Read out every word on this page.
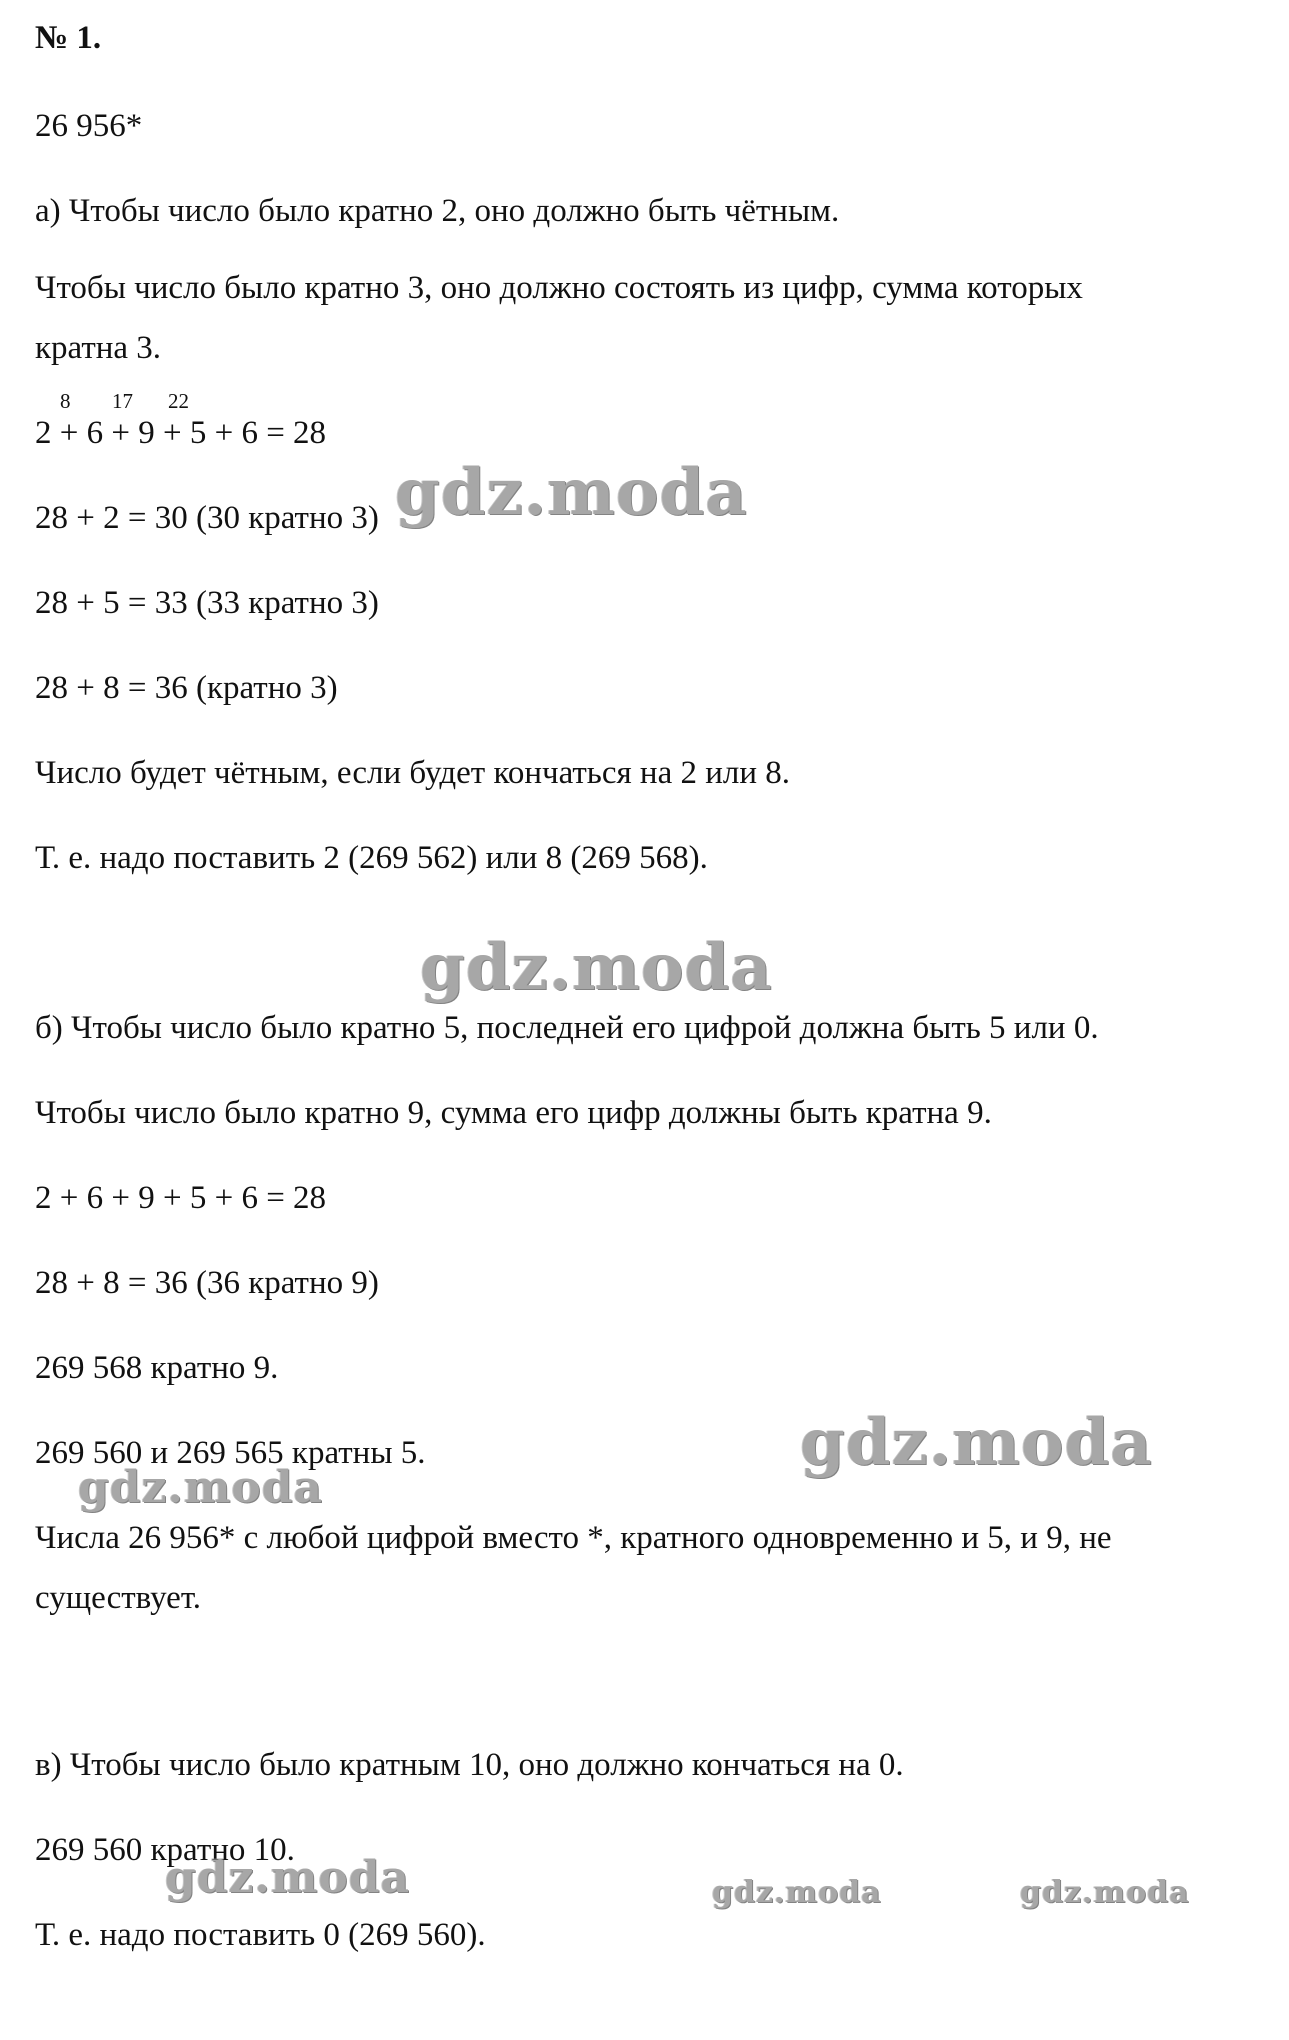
№ 1.
26 956*
а) Чтобы число было кратно 2, оно должно быть чётным.
Чтобы число было кратно 3, оно должно состоять из цифр, сумма которых
кратна 3.
8 17 22
2 + 6 + 9 + 5 + 6 = 28
28 + 2 = 30 (30 кратно 3)
28 + 5 = 33 (33 кратно 3)
28 + 8 = 36 (кратно 3)
Число будет чётным, если будет кончаться на 2 или 8.
Т. е. надо поставить 2 (269 562) или 8 (269 568).
б) Чтобы число было кратно 5, последней его цифрой должна быть 5 или 0.
Чтобы число было кратно 9, сумма его цифр должны быть кратна 9.
2 + 6 + 9 + 5 + 6 = 28
28 + 8 = 36 (36 кратно 9)
269 568 кратно 9.
269 560 и 269 565 кратны 5.
Числа 26 956* с любой цифрой вместо *, кратного одновременно и 5, и 9, не
существует.
в) Чтобы число было кратным 10, оно должно кончаться на 0.
269 560 кратно 10.
Т. е. надо поставить 0 (269 560).
gdz.moda
gdz.moda
gdz.moda
gdz.moda
gdz.moda	gdz.moda	gdz.moda
